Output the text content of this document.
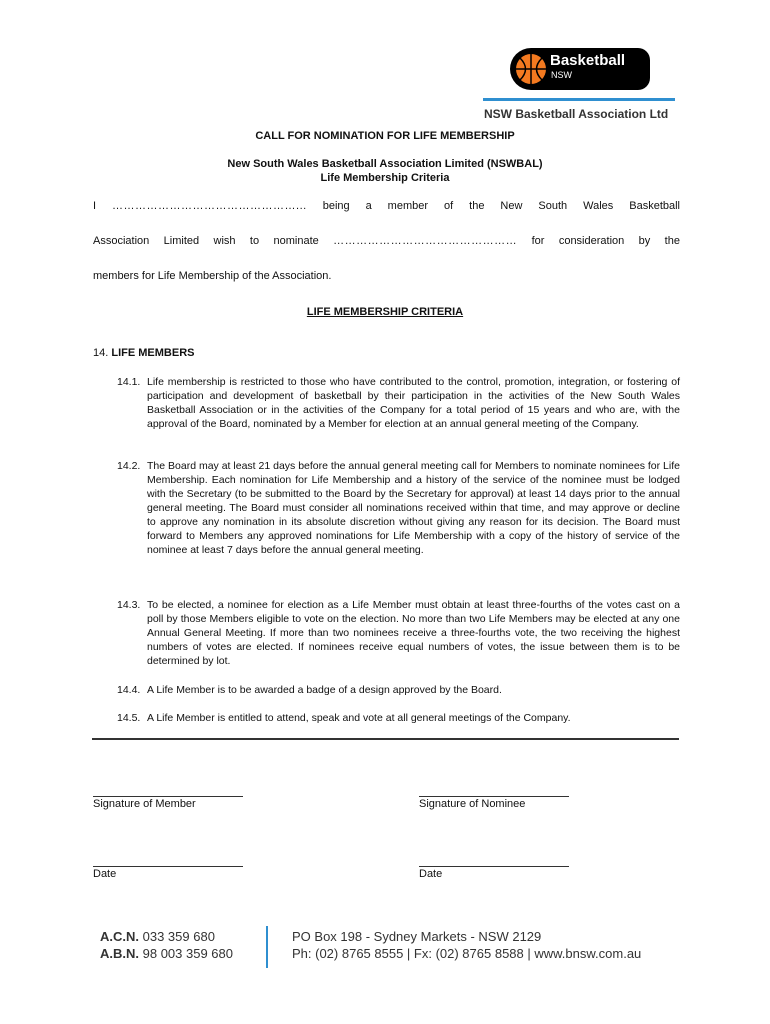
Basketball
NSW
NSW Basketball Association Ltd
CALL FOR NOMINATION FOR LIFE MEMBERSHIP
New South Wales Basketball Association Limited (NSWBAL)
Life Membership Criteria
I …………………………………………... being a member of the New South Wales Basketball
Association Limited wish to nominate ………………………………………… for consideration by the
members for Life Membership of the Association.
LIFE MEMBERSHIP CRITERIA
14. LIFE MEMBERS
14.1. Life membership is restricted to those who have contributed to the control, promotion, integration, or fostering of participation and development of basketball by their participation in the activities of the New South Wales Basketball Association or in the activities of the Company for a total period of 15 years and who are, with the approval of the Board, nominated by a Member for election at an annual general meeting of the Company.
14.2. The Board may at least 21 days before the annual general meeting call for Members to nominate nominees for Life Membership. Each nomination for Life Membership and a history of the service of the nominee must be lodged with the Secretary (to be submitted to the Board by the Secretary for approval) at least 14 days prior to the annual general meeting. The Board must consider all nominations received within that time, and may approve or decline to approve any nomination in its absolute discretion without giving any reason for its decision. The Board must forward to Members any approved nominations for Life Membership with a copy of the history of service of the nominee at least 7 days before the annual general meeting.
14.3. To be elected, a nominee for election as a Life Member must obtain at least three-fourths of the votes cast on a poll by those Members eligible to vote on the election. No more than two Life Members may be elected at any one Annual General Meeting. If more than two nominees receive a three-fourths vote, the two receiving the highest numbers of votes are elected. If nominees receive equal numbers of votes, the issue between them is to be determined by lot.
14.4. A Life Member is to be awarded a badge of a design approved by the Board.
14.5. A Life Member is entitled to attend, speak and vote at all general meetings of the Company.
Signature of Member	Signature of Nominee
Date	Date
A.C.N. 033 359 680
A.B.N. 98 003 359 680
PO Box 198 - Sydney Markets - NSW 2129
Ph: (02) 8765 8555 | Fx: (02) 8765 8588 | www.bnsw.com.au
